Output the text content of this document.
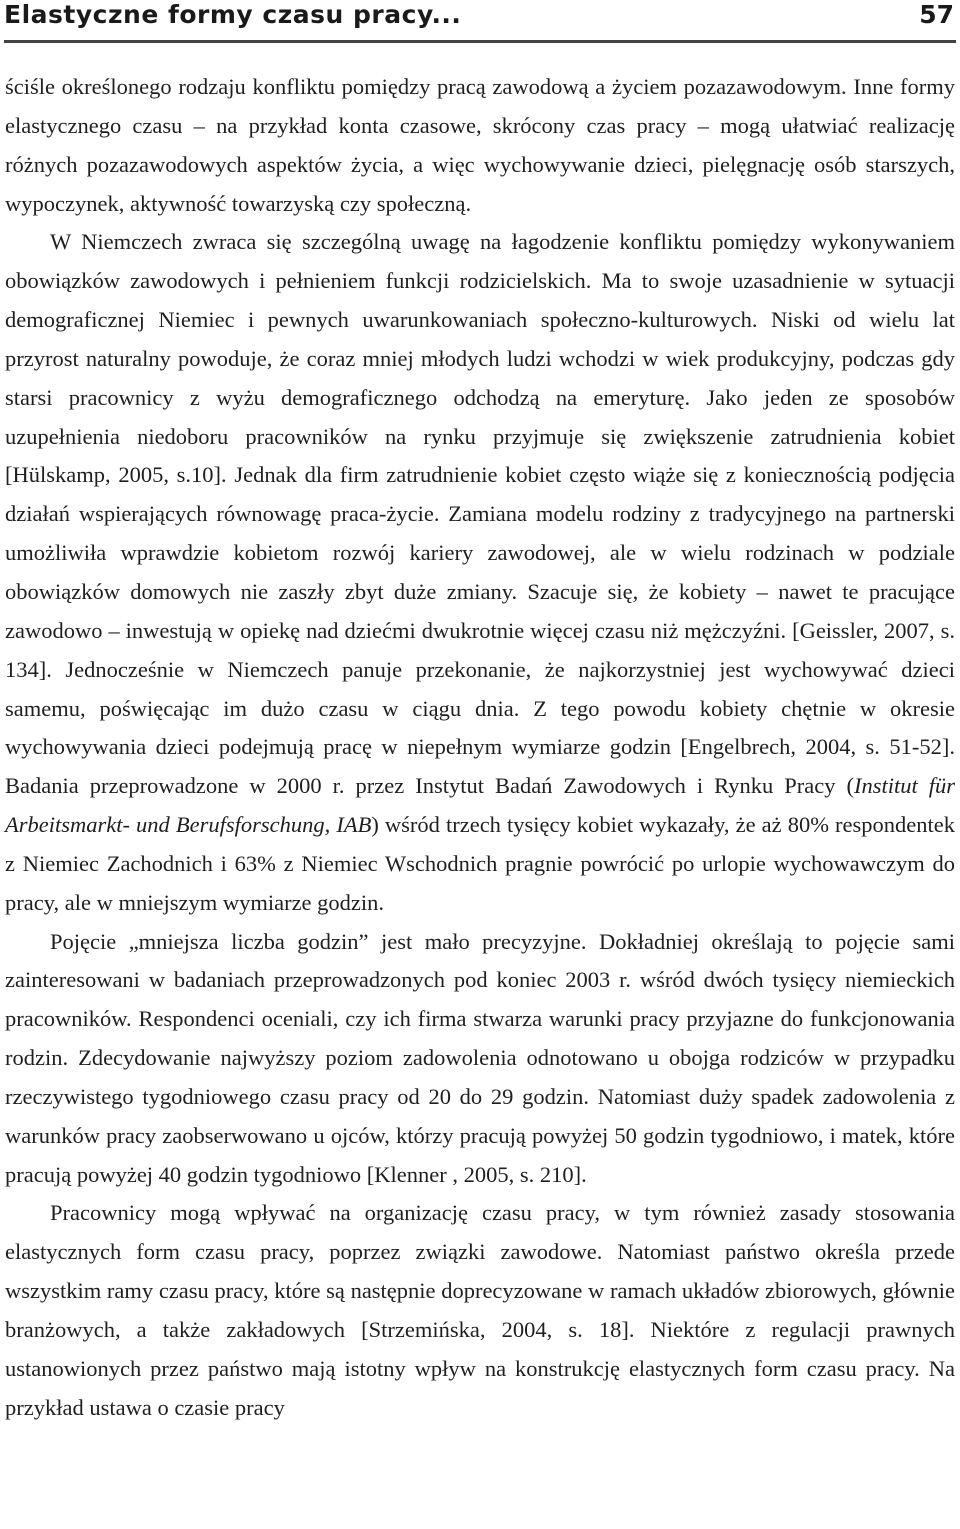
Elastyczne formy czasu pracy...	57

ściśle określonego rodzaju konfliktu pomiędzy pracą zawodową a życiem pozazawodowym. Inne formy elastycznego czasu – na przykład konta czasowe, skrócony czas pracy – mogą ułatwiać realizację różnych pozazawodowych aspektów życia, a więc wychowywanie dzieci, pielęgnację osób starszych, wypoczynek, aktywność towarzyską czy społeczną.

W Niemczech zwraca się szczególną uwagę na łagodzenie konfliktu pomiędzy wykonywaniem obowiązków zawodowych i pełnieniem funkcji rodzicielskich. Ma to swoje uzasadnienie w sytuacji demograficznej Niemiec i pewnych uwarunkowaniach społeczno-kulturowych. Niski od wielu lat przyrost naturalny powoduje, że coraz mniej młodych ludzi wchodzi w wiek produkcyjny, podczas gdy starsi pracownicy z wyżu demograficznego odchodzą na emeryturę. Jako jeden ze sposobów uzupełnienia niedoboru pracowników na rynku przyjmuje się zwiększenie zatrudnienia kobiet [Hülskamp, 2005, s.10]. Jednak dla firm zatrudnienie kobiet często wiąże się z koniecznością podjęcia działań wspierających równowagę praca-życie. Zamiana modelu rodziny z tradycyjnego na partnerski umożliwiła wprawdzie kobietom rozwój kariery zawodowej, ale w wielu rodzinach w podziale obowiązków domowych nie zaszły zbyt duże zmiany. Szacuje się, że kobiety – nawet te pracujące zawodowo – inwestują w opiekę nad dziećmi dwukrotnie więcej czasu niż mężczyźni. [Geissler, 2007, s. 134]. Jednocześnie w Niemczech panuje przekonanie, że najkorzystniej jest wychowywać dzieci samemu, poświęcając im dużo czasu w ciągu dnia. Z tego powodu kobiety chętnie w okresie wychowywania dzieci podejmują pracę w niepełnym wymiarze godzin [Engelbrech, 2004, s. 51-52]. Badania przeprowadzone w 2000 r. przez Instytut Badań Zawodowych i Rynku Pracy (Institut für Arbeitsmarkt- und Berufsforschung, IAB) wśród trzech tysięcy kobiet wykazały, że aż 80% respondentek z Niemiec Zachodnich i 63% z Niemiec Wschodnich pragnie powrócić po urlopie wychowawczym do pracy, ale w mniejszym wymiarze godzin.

Pojęcie „mniejsza liczba godzin” jest mało precyzyjne. Dokładniej określają to pojęcie sami zainteresowani w badaniach przeprowadzonych pod koniec 2003 r. wśród dwóch tysięcy niemieckich pracowników. Respondenci oceniali, czy ich firma stwarza warunki pracy przyjazne do funkcjonowania rodzin. Zdecydowanie najwyższy poziom zadowolenia odnotowano u obojga rodziców w przypadku rzeczywistego tygodniowego czasu pracy od 20 do 29 godzin. Natomiast duży spadek zadowolenia z warunków pracy zaobserwowano u ojców, którzy pracują powyżej 50 godzin tygodniowo, i matek, które pracują powyżej 40 godzin tygodniowo [Klenner , 2005, s. 210].

Pracownicy mogą wpływać na organizację czasu pracy, w tym również zasady stosowania elastycznych form czasu pracy, poprzez związki zawodowe. Natomiast państwo określa przede wszystkim ramy czasu pracy, które są następnie doprecyzowane w ramach układów zbiorowych, głównie branżowych, a także zakładowych [Strzemińska, 2004, s. 18]. Niektóre z regulacji prawnych ustanowionych przez państwo mają istotny wpływ na konstrukcję elastycznych form czasu pracy. Na przykład ustawa o czasie pracy
